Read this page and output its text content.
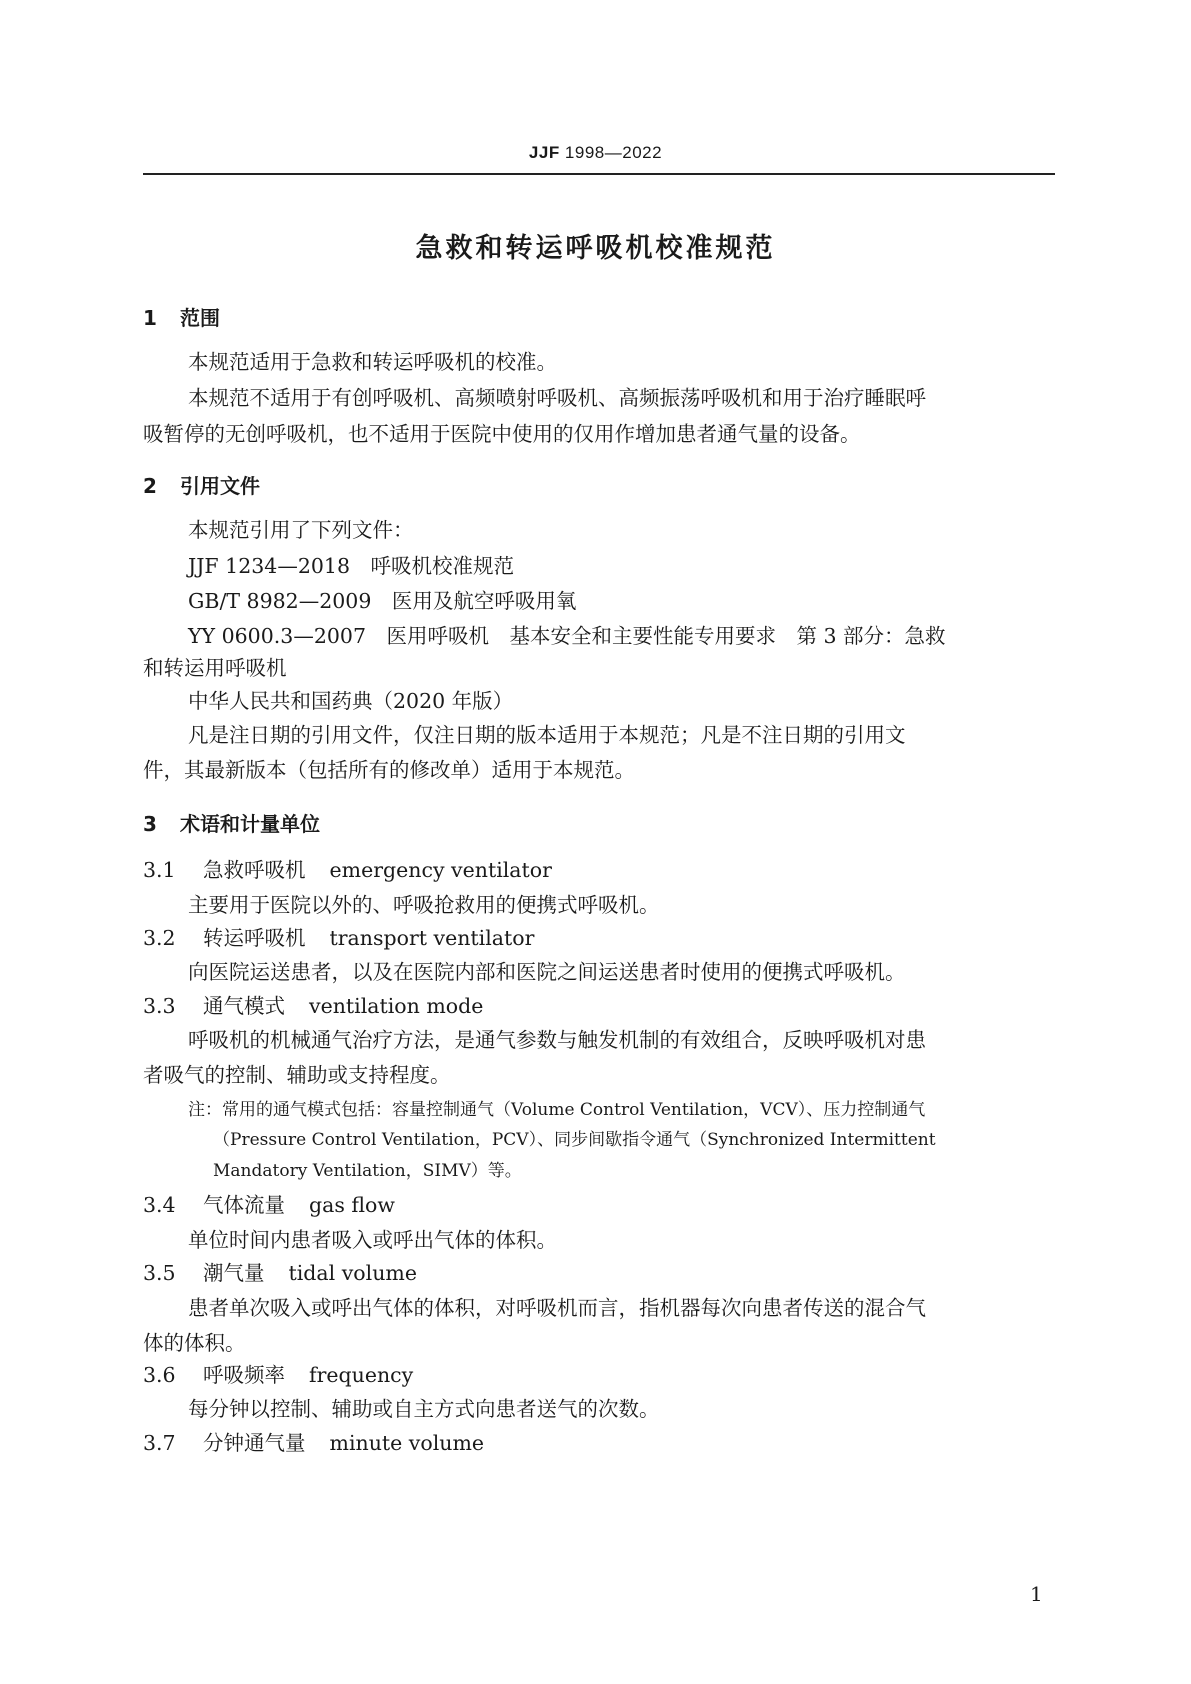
JJF 1998—2022
急救和转运呼吸机校准规范
1 范围
本规范适用于急救和转运呼吸机的校准。
本规范不适用于有创呼吸机、高频喷射呼吸机、高频振荡呼吸机和用于治疗睡眠呼
吸暂停的无创呼吸机，也不适用于医院中使用的仅用作增加患者通气量的设备。
2 引用文件
本规范引用了下列文件：
JJF 1234—2018　呼吸机校准规范
GB/T 8982—2009　医用及航空呼吸用氧
YY 0600.3—2007　医用呼吸机　基本安全和主要性能专用要求　第 3 部分：急救
和转运用呼吸机
中华人民共和国药典（2020 年版）
凡是注日期的引用文件，仅注日期的版本适用于本规范；凡是不注日期的引用文
件，其最新版本（包括所有的修改单）适用于本规范。
3 术语和计量单位
3.1 急救呼吸机 emergency ventilator
主要用于医院以外的、呼吸抢救用的便携式呼吸机。
3.2 转运呼吸机 transport ventilator
向医院运送患者，以及在医院内部和医院之间运送患者时使用的便携式呼吸机。
3.3 通气模式 ventilation mode
呼吸机的机械通气治疗方法，是通气参数与触发机制的有效组合，反映呼吸机对患
者吸气的控制、辅助或支持程度。
注：常用的通气模式包括：容量控制通气（Volume Control Ventilation，VCV）、压力控制通气
（Pressure Control Ventilation，PCV）、同步间歇指令通气（Synchronized Intermittent
Mandatory Ventilation，SIMV）等。
3.4 气体流量 gas flow
单位时间内患者吸入或呼出气体的体积。
3.5 潮气量 tidal volume
患者单次吸入或呼出气体的体积，对呼吸机而言，指机器每次向患者传送的混合气
体的体积。
3.6 呼吸频率 frequency
每分钟以控制、辅助或自主方式向患者送气的次数。
3.7 分钟通气量 minute volume
1
